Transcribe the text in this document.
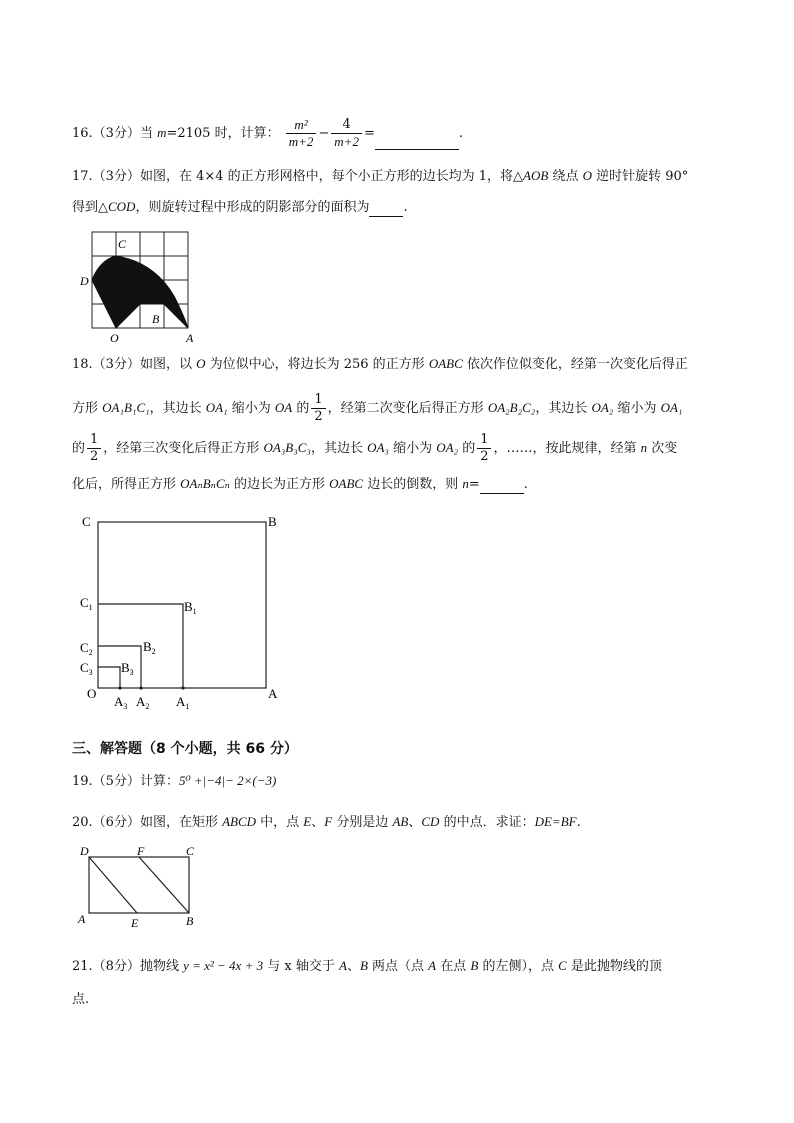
16.（3分）当 m=2105 时，计算： $\frac{\text{m²}}{m+2} - \frac{4}{m+2}$ =	.
17.（3分）如图，在 4×4 的正方形网格中，每个小正方形的边长均为 1，将△AOB 绕点 O 逆时针旋转 90°
得到△COD，则旋转过程中形成的阴影部分的面积为	.
C
D
B
O	A
18.（3分）如图，以 O 为位似中心，将边长为 256 的正方形 OABC 依次作位似变化，经第一次变化后得正
方形 OA₁B₁C₁，其边长 OA₁ 缩小为 OA 的 $\frac{1}{2}$ ，经第二次变化后得正方形 OA₂B₂C₂，其边长 OA₂ 缩小为 OA₁
的 $\frac{1}{2}$ ，经第三次变化后得正方形 OA₃B₃C₃，其边长 OA₃ 缩小为 OA₂ 的 $\frac{1}{2}$ ，……，按此规律，经第 n 次变
化后，所得正方形 OAₙBₙCₙ 的边长为正方形 OABC 边长的倒数，则 n=	.
C	B
$C_1$	$B_1$
$C_2$	$B_2$
$C_3$ $B_3$
O
$A_3$ $A_2$ $A_1$
A
三、解答题（8 个小题，共 66 分）
19.（5分）计算：5⁰ +|−4|− 2×(−3)
20.（6分）如图，在矩形 ABCD 中，点 E、F 分别是边 AB、CD 的中点．求证：DE=BF.
D	F	C
A	E	B
21.（8分）抛物线 y = x² − 4x + 3 与 x 轴交于 A、B 两点（点 A 在点 B 的左侧），点 C 是此抛物线的顶
点.
